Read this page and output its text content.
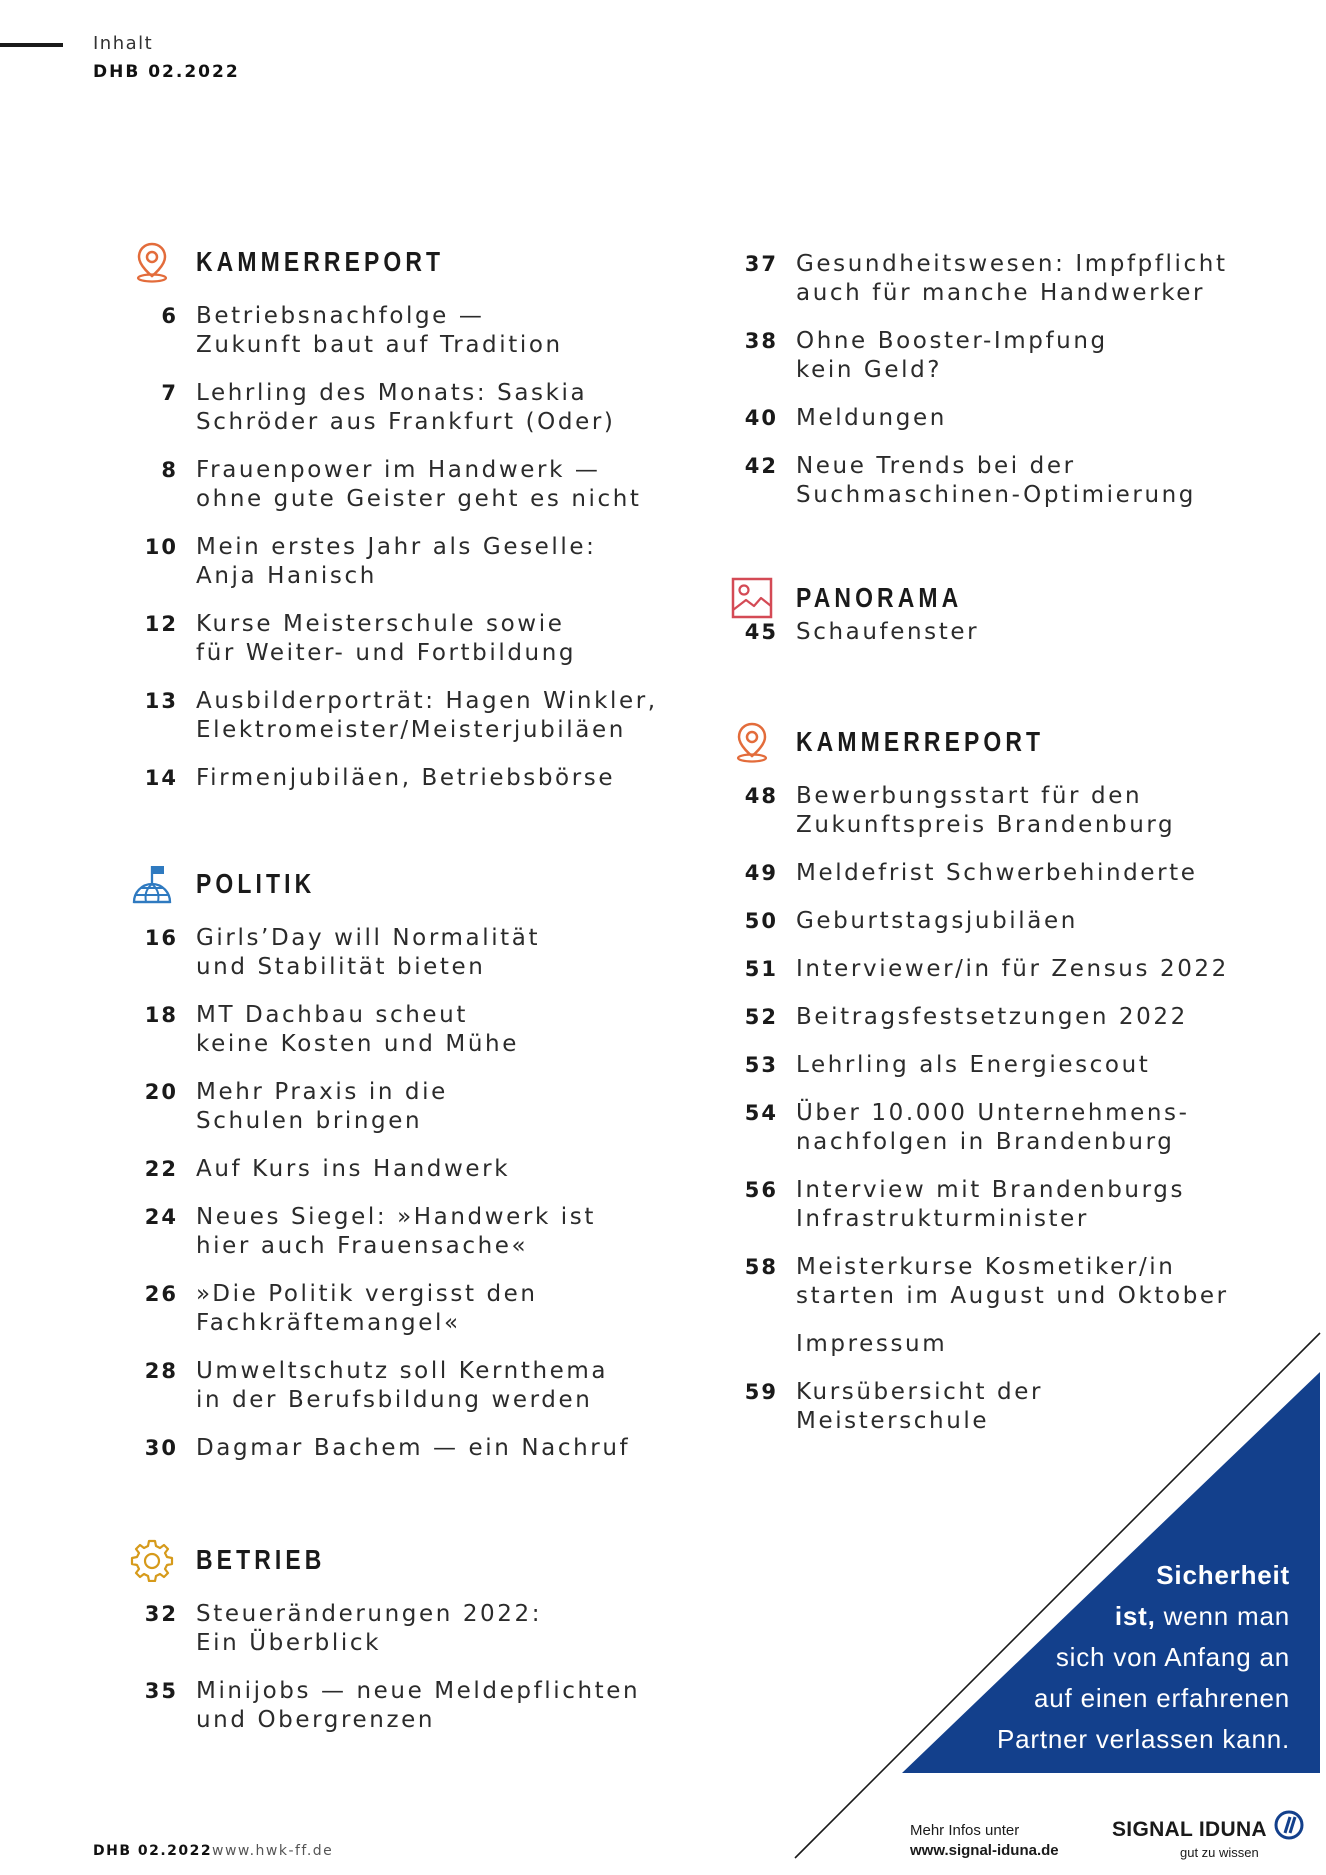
Inhalt
DHB 02.2022
KAMMERREPORT
6 Betriebsnachfolge —
Zukunft baut auf Tradition
7 Lehrling des Monats: Saskia
Schröder aus Frankfurt (Oder)
8 Frauenpower im Handwerk —
ohne gute Geister geht es nicht
10 Mein erstes Jahr als Geselle:
Anja Hanisch
12 Kurse Meisterschule sowie
für Weiter- und Fortbildung
13 Ausbilderporträt: Hagen Winkler,
Elektromeister/Meisterjubiläen
14 Firmenjubiläen, Betriebsbörse
POLITIK
16 Girls’Day will Normalität
und Stabilität bieten
18 MT Dachbau scheut
keine Kosten und Mühe
20 Mehr Praxis in die
Schulen bringen
22 Auf Kurs ins Handwerk
24 Neues Siegel: »Handwerk ist
hier auch Frauensache«
26 »Die Politik vergisst den
Fachkräftemangel«
28 Umweltschutz soll Kernthema
in der Berufsbildung werden
30 Dagmar Bachem — ein Nachruf
BETRIEB
32 Steueränderungen 2022:
Ein Überblick
35 Minijobs — neue Meldepflichten
und Obergrenzen
37 Gesundheitswesen: Impfpflicht
auch für manche Handwerker
38 Ohne Booster-Impfung
kein Geld?
40 Meldungen
42 Neue Trends bei der
Suchmaschinen-Optimierung
PANORAMA
45 Schaufenster
KAMMERREPORT
48 Bewerbungsstart für den
Zukunftspreis Brandenburg
49 Meldefrist Schwerbehinderte
50 Geburtstagsjubiläen
51 Interviewer/in für Zensus 2022
52 Beitragsfestsetzungen 2022
53 Lehrling als Energiescout
54 Über 10.000 Unternehmens-
nachfolgen in Brandenburg
56 Interview mit Brandenburgs
Infrastrukturminister
58 Meisterkurse Kosmetiker/in
starten im August und Oktober
Impressum
59 Kursübersicht der
Meisterschule
Sicherheit
ist, wenn man
sich von Anfang an
auf einen erfahrenen
Partner verlassen kann.
Mehr Infos unter
www.signal-iduna.de
SIGNAL IDUNA
gut zu wissen
DHB 02.2022 www.hwk-ff.de
